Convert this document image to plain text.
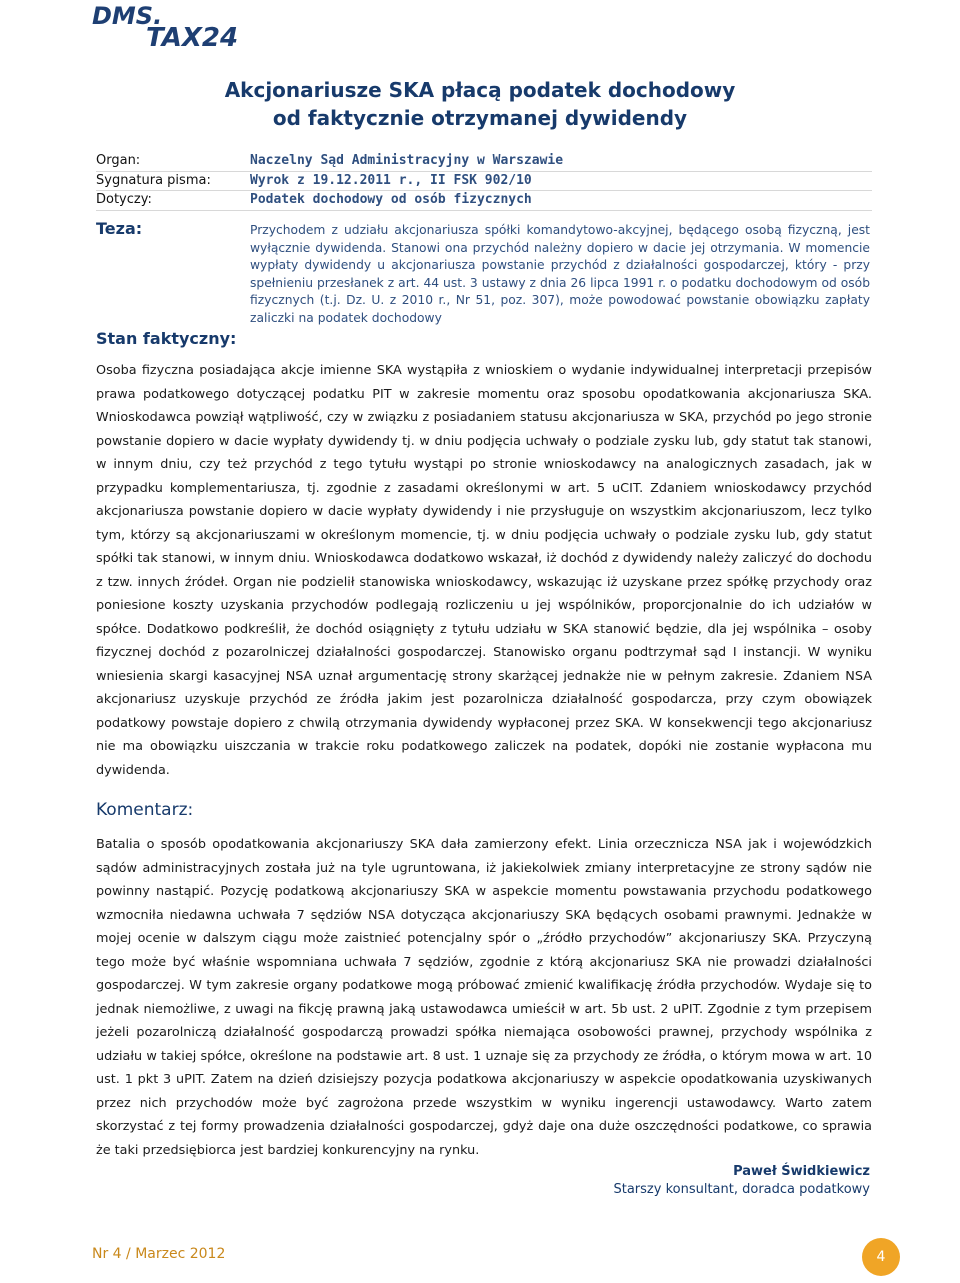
DMS.
TAX24
Akcjonariusze SKA płacą podatek dochodowy
od faktycznie otrzymanej dywidendy
Organ:	Naczelny Sąd Administracyjny w Warszawie
Sygnatura pisma:	Wyrok z 19.12.2011 r., II FSK 902/10
Dotyczy:	Podatek dochodowy od osób fizycznych
Teza:	Przychodem z udziału akcjonariusza spółki komandytowo-akcyjnej, będącego osobą fizyczną, jest wyłącznie dywidenda. Stanowi ona przychód należny dopiero w dacie jej otrzymania. W momencie wypłaty dywidendy u akcjonariusza powstanie przychód z działalności gospodarczej, który - przy spełnieniu przesłanek z art. 44 ust. 3 ustawy z dnia 26 lipca 1991 r. o podatku dochodowym od osób fizycznych (t.j. Dz. U. z 2010 r., Nr 51, poz. 307), może powodować powstanie obowiązku zapłaty zaliczki na podatek dochodowy
Stan faktyczny:
Osoba fizyczna posiadająca akcje imienne SKA wystąpiła z wnioskiem o wydanie indywidualnej interpretacji przepisów prawa podatkowego dotyczącej podatku PIT w zakresie momentu oraz sposobu opodatkowania akcjonariusza SKA. Wnioskodawca powziął wątpliwość, czy w związku z posiadaniem statusu akcjonariusza w SKA, przychód po jego stronie powstanie dopiero w dacie wypłaty dywidendy tj. w dniu podjęcia uchwały o podziale zysku lub, gdy statut tak stanowi, w innym dniu, czy też przychód z tego tytułu wystąpi po stronie wnioskodawcy na analogicznych zasadach, jak w przypadku komplementariusza, tj. zgodnie z zasadami określonymi w art. 5 uCIT. Zdaniem wnioskodawcy przychód akcjonariusza powstanie dopiero w dacie wypłaty dywidendy i nie przysługuje on wszystkim akcjonariuszom, lecz tylko tym, którzy są akcjonariuszami w określonym momencie, tj. w dniu podjęcia uchwały o podziale zysku lub, gdy statut spółki tak stanowi, w innym dniu. Wnioskodawca dodatkowo wskazał, iż dochód z dywidendy należy zaliczyć do dochodu z tzw. innych źródeł. Organ nie podzielił stanowiska wnioskodawcy, wskazując iż uzyskane przez spółkę przychody oraz poniesione koszty uzyskania przychodów podlegają rozliczeniu u jej wspólników, proporcjonalnie do ich udziałów w spółce. Dodatkowo podkreślił, że dochód osiągnięty z tytułu udziału w SKA stanowić będzie, dla jej wspólnika – osoby fizycznej dochód z pozarolniczej działalności gospodarczej. Stanowisko organu podtrzymał sąd I instancji. W wyniku wniesienia skargi kasacyjnej NSA uznał argumentację strony skarżącej jednakże nie w pełnym zakresie. Zdaniem NSA akcjonariusz uzyskuje przychód ze źródła jakim jest pozarolnicza działalność gospodarcza, przy czym obowiązek podatkowy powstaje dopiero z chwilą otrzymania dywidendy wypłaconej przez SKA. W konsekwencji tego akcjonariusz nie ma obowiązku uiszczania w trakcie roku podatkowego zaliczek na podatek, dopóki nie zostanie wypłacona mu dywidenda.
Komentarz:
Batalia o sposób opodatkowania akcjonariuszy SKA dała zamierzony efekt. Linia orzecznicza NSA jak i wojewódzkich sądów administracyjnych została już na tyle ugruntowana, iż jakiekolwiek zmiany interpretacyjne ze strony sądów nie powinny nastąpić. Pozycję podatkową akcjonariuszy SKA w aspekcie momentu powstawania przychodu podatkowego wzmocniła niedawna uchwała 7 sędziów NSA dotycząca akcjonariuszy SKA będących osobami prawnymi. Jednakże w mojej ocenie w dalszym ciągu może zaistnieć potencjalny spór o „źródło przychodów” akcjonariuszy SKA. Przyczyną tego może być właśnie wspomniana uchwała 7 sędziów, zgodnie z którą akcjonariusz SKA nie prowadzi działalności gospodarczej. W tym zakresie organy podatkowe mogą próbować zmienić kwalifikację źródła przychodów. Wydaje się to jednak niemożliwe, z uwagi na fikcję prawną jaką ustawodawca umieścił w art. 5b ust. 2 uPIT. Zgodnie z tym przepisem jeżeli pozarolniczą działalność gospodarczą prowadzi spółka niemająca osobowości prawnej, przychody wspólnika z udziału w takiej spółce, określone na podstawie art. 8 ust. 1 uznaje się za przychody ze źródła, o którym mowa w art. 10 ust. 1 pkt 3 uPIT. Zatem na dzień dzisiejszy pozycja podatkowa akcjonariuszy w aspekcie opodatkowania uzyskiwanych przez nich przychodów może być zagrożona przede wszystkim w wyniku ingerencji ustawodawcy. Warto zatem skorzystać z tej formy prowadzenia działalności gospodarczej, gdyż daje ona duże oszczędności podatkowe, co sprawia że taki przedsiębiorca jest bardziej konkurencyjny na rynku.
Paweł Świdkiewicz
Starszy konsultant, doradca podatkowy
Nr 4 / Marzec 2012	4
